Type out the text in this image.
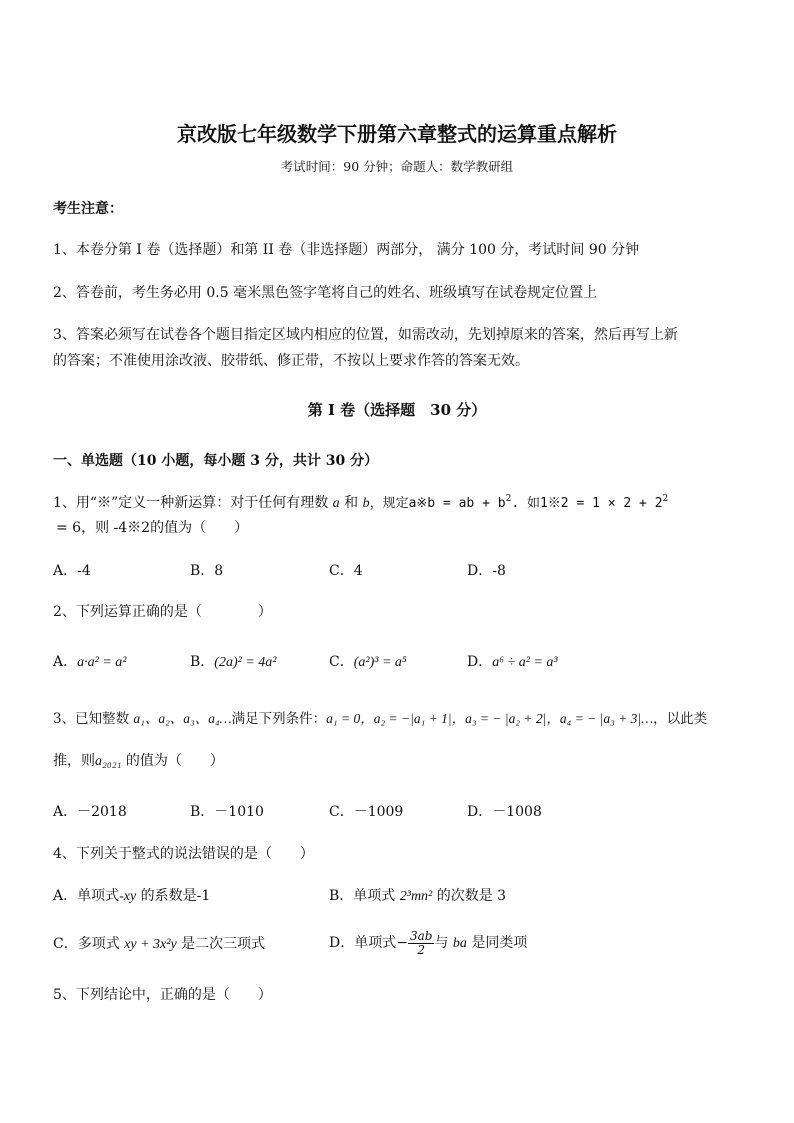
京改版七年级数学下册第六章整式的运算重点解析
考试时间：90 分钟；命题人：数学教研组
考生注意：
1、本卷分第 I 卷（选择题）和第 II 卷（非选择题）两部分， 满分 100 分，考试时间 90 分钟
2、答卷前，考生务必用 0.5 毫米黑色签字笔将自己的姓名、班级填写在试卷规定位置上
3、答案必须写在试卷各个题目指定区域内相应的位置，如需改动，先划掉原来的答案，然后再写上新
的答案；不准使用涂改液、胶带纸、修正带，不按以上要求作答的答案无效。
第 I 卷（选择题　30 分）
一、单选题（10 小题，每小题 3 分，共计 30 分）
1、用“※”定义一种新运算：对于任何有理数 a 和 b，规定a※b = ab + $b^2$. 如1※2 = $1 \times 2 + 2^2$
= 6，则 -4※2的值为（　　）
A．-4	B．8	C．4	D．-8
2、下列运算正确的是（　　　　）
A．a·a² = a²	B．(2a)² = 4a²	C．(a²)³ = a⁵	D．a⁶ ÷ a² = a³
3、已知整数 a₁、a₂、a₃、a₄…满足下列条件：a₁ = 0，a₂ = −|a₁ + 1|，a₃ = − |a₂ + 2|，a₄ = − |a₃ + 3|…，以此类
推，则a₂₀₂₁ 的值为（　　）
A．－2018	B．－1010	C．－1009	D．－1008
4、下列关于整式的说法错误的是（　　）
A．单项式-xy 的系数是-1	B．单项式 2³mn² 的次数是 3
C．多项式 xy + 3x²y 是二次三项式	D．单项式− $\frac{3ab}{2}$ 与 ba 是同类项
5、下列结论中，正确的是（　　）
